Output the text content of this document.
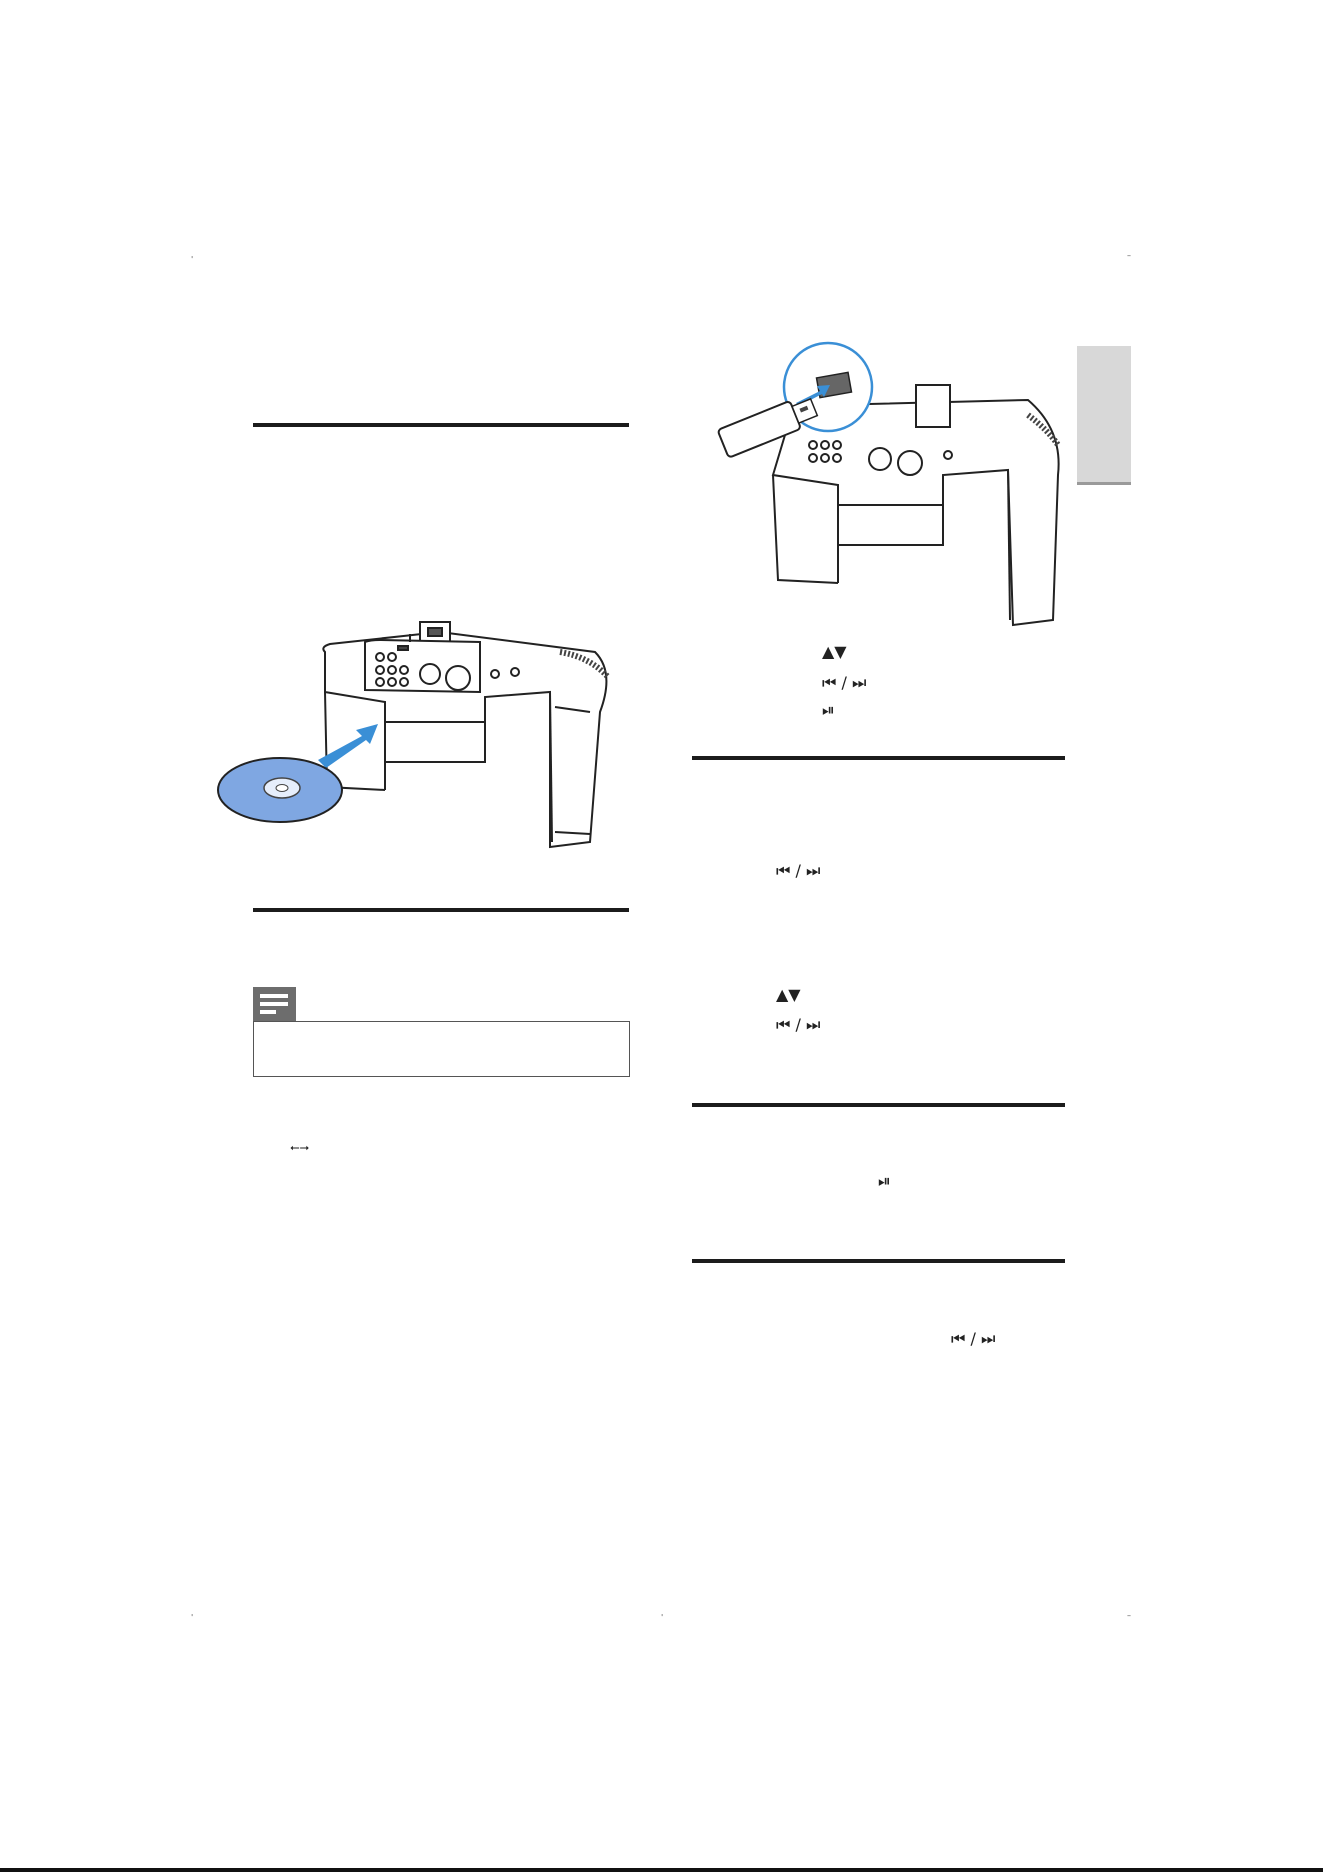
'	–
'	'	–
⭠⭢
▲▼
⏮ / ⏭
⏯
⏮ / ⏭
▲▼
⏮ / ⏭
⏯
⏮ / ⏭
